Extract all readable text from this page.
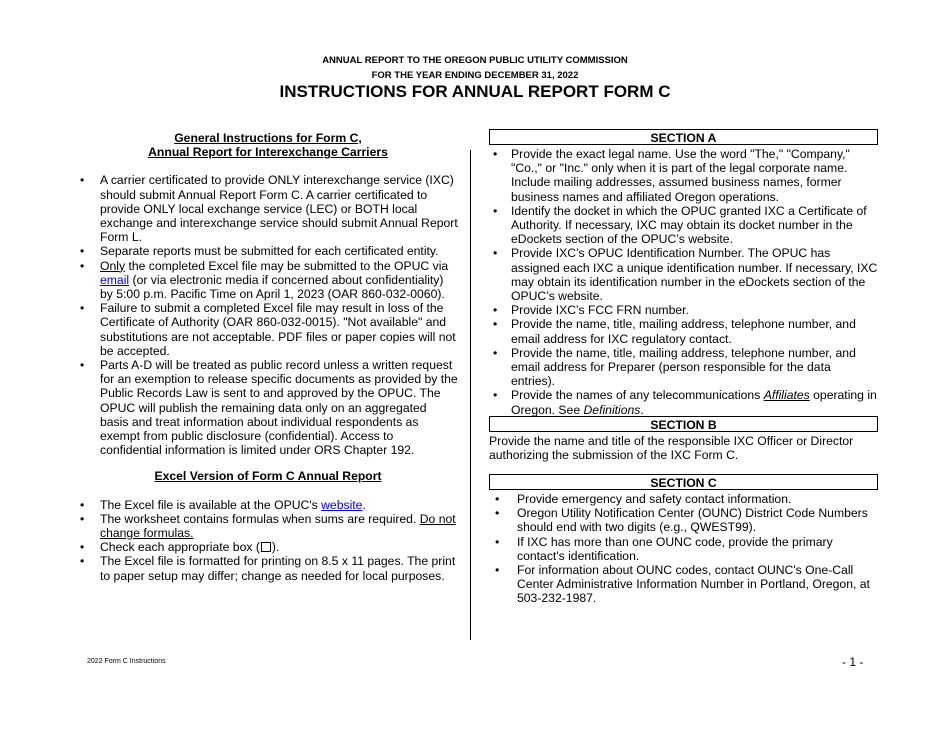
ANNUAL REPORT TO THE OREGON PUBLIC UTILITY COMMISSION
FOR THE YEAR ENDING DECEMBER 31, 2022
INSTRUCTIONS FOR ANNUAL REPORT FORM C
General Instructions for Form C,
Annual Report for Interexchange Carriers
• A carrier certificated to provide ONLY interexchange service (IXC) should submit Annual Report Form C. A carrier certificated to provide ONLY local exchange service (LEC) or BOTH local exchange and interexchange service should submit Annual Report Form L.
• Separate reports must be submitted for each certificated entity.
• Only the completed Excel file may be submitted to the OPUC via email (or via electronic media if concerned about confidentiality) by 5:00 p.m. Pacific Time on April 1, 2023 (OAR 860-032-0060).
• Failure to submit a completed Excel file may result in loss of the Certificate of Authority (OAR 860-032-0015). "Not available" and substitutions are not acceptable. PDF files or paper copies will not be accepted.
• Parts A-D will be treated as public record unless a written request for an exemption to release specific documents as provided by the Public Records Law is sent to and approved by the OPUC. The OPUC will publish the remaining data only on an aggregated basis and treat information about individual respondents as exempt from public disclosure (confidential). Access to confidential information is limited under ORS Chapter 192.
Excel Version of Form C Annual Report
• The Excel file is available at the OPUC's website.
• The worksheet contains formulas when sums are required. Do not change formulas.
• Check each appropriate box ( ).
• The Excel file is formatted for printing on 8.5 x 11 pages. The print to paper setup may differ; change as needed for local purposes.
SECTION A
• Provide the exact legal name. Use the word "The," "Company," "Co.," or "Inc." only when it is part of the legal corporate name. Include mailing addresses, assumed business names, former business names and affiliated Oregon operations.
• Identify the docket in which the OPUC granted IXC a Certificate of Authority. If necessary, IXC may obtain its docket number in the eDockets section of the OPUC’s website.
• Provide IXC’s OPUC Identification Number. The OPUC has assigned each IXC a unique identification number. If necessary, IXC may obtain its identification number in the eDockets section of the OPUC’s website.
• Provide IXC’s FCC FRN number.
• Provide the name, title, mailing address, telephone number, and email address for IXC regulatory contact.
• Provide the name, title, mailing address, telephone number, and email address for Preparer (person responsible for the data entries).
• Provide the names of any telecommunications Affiliates operating in Oregon. See Definitions.
SECTION B
Provide the name and title of the responsible IXC Officer or Director authorizing the submission of the IXC Form C.
SECTION C
• Provide emergency and safety contact information.
• Oregon Utility Notification Center (OUNC) District Code Numbers should end with two digits (e.g., QWEST99).
• If IXC has more than one OUNC code, provide the primary contact's identification.
• For information about OUNC codes, contact OUNC's One-Call Center Administrative Information Number in Portland, Oregon, at 503-232-1987.
2022 Form C Instructions	- 1 -
